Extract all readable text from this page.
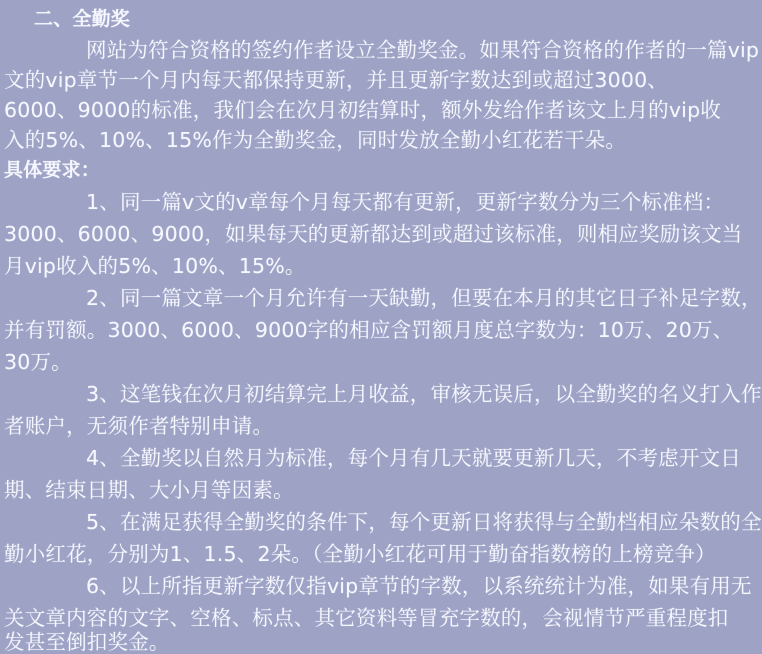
二、全勤奖
网站为符合资格的签约作者设立全勤奖金。如果符合资格的作者的一篇vip
文的vip章节一个月内每天都保持更新，并且更新字数达到或超过3000、
6000、9000的标准，我们会在次月初结算时，额外发给作者该文上月的vip收
入的5%、10%、15%作为全勤奖金，同时发放全勤小红花若干朵。
具体要求：
1、同一篇v文的v章每个月每天都有更新，更新字数分为三个标准档：
3000、6000、9000，如果每天的更新都达到或超过该标准，则相应奖励该文当
月vip收入的5%、10%、15%。
2、同一篇文章一个月允许有一天缺勤，但要在本月的其它日子补足字数，
并有罚额。3000、6000、9000字的相应含罚额月度总字数为：10万、20万、
30万。
3、这笔钱在次月初结算完上月收益，审核无误后，以全勤奖的名义打入作
者账户，无须作者特别申请。
4、全勤奖以自然月为标准，每个月有几天就要更新几天，不考虑开文日
期、结束日期、大小月等因素。
5、在满足获得全勤奖的条件下，每个更新日将获得与全勤档相应朵数的全
勤小红花，分别为1、1.5、2朵。（全勤小红花可用于勤奋指数榜的上榜竞争）
6、以上所指更新字数仅指vip章节的字数，以系统统计为准，如果有用无
关文章内容的文字、空格、标点、其它资料等冒充字数的，会视情节严重程度扣
发甚至倒扣奖金。
